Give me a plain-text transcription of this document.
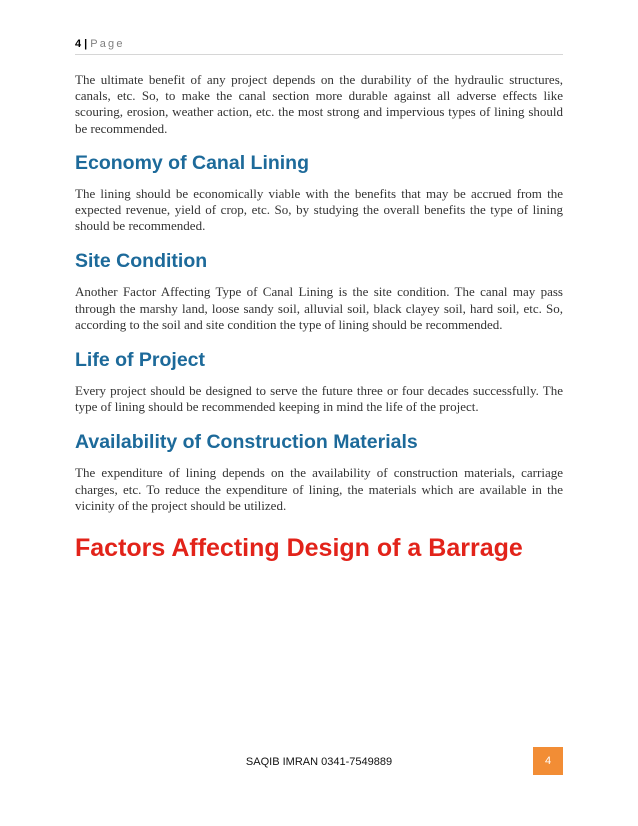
4 | Page

The ultimate benefit of any project depends on the durability of the hydraulic structures, canals, etc. So, to make the canal section more durable against all adverse effects like scouring, erosion, weather action, etc. the most strong and impervious types of lining should be recommended.

Economy of Canal Lining

The lining should be economically viable with the benefits that may be accrued from the expected revenue, yield of crop, etc. So, by studying the overall benefits the type of lining should be recommended.

Site Condition

Another Factor Affecting Type of Canal Lining is the site condition. The canal may pass through the marshy land, loose sandy soil, alluvial soil, black clayey soil, hard soil, etc. So, according to the soil and site condition the type of lining should be recommended.

Life of Project

Every project should be designed to serve the future three or four decades successfully. The type of lining should be recommended keeping in mind the life of the project.

Availability of Construction Materials

The expenditure of lining depends on the availability of construction materials, carriage charges, etc. To reduce the expenditure of lining, the materials which are available in the vicinity of the project should be utilized.

Factors Affecting Design of a Barrage
SAQIB IMRAN 0341-7549889	4
